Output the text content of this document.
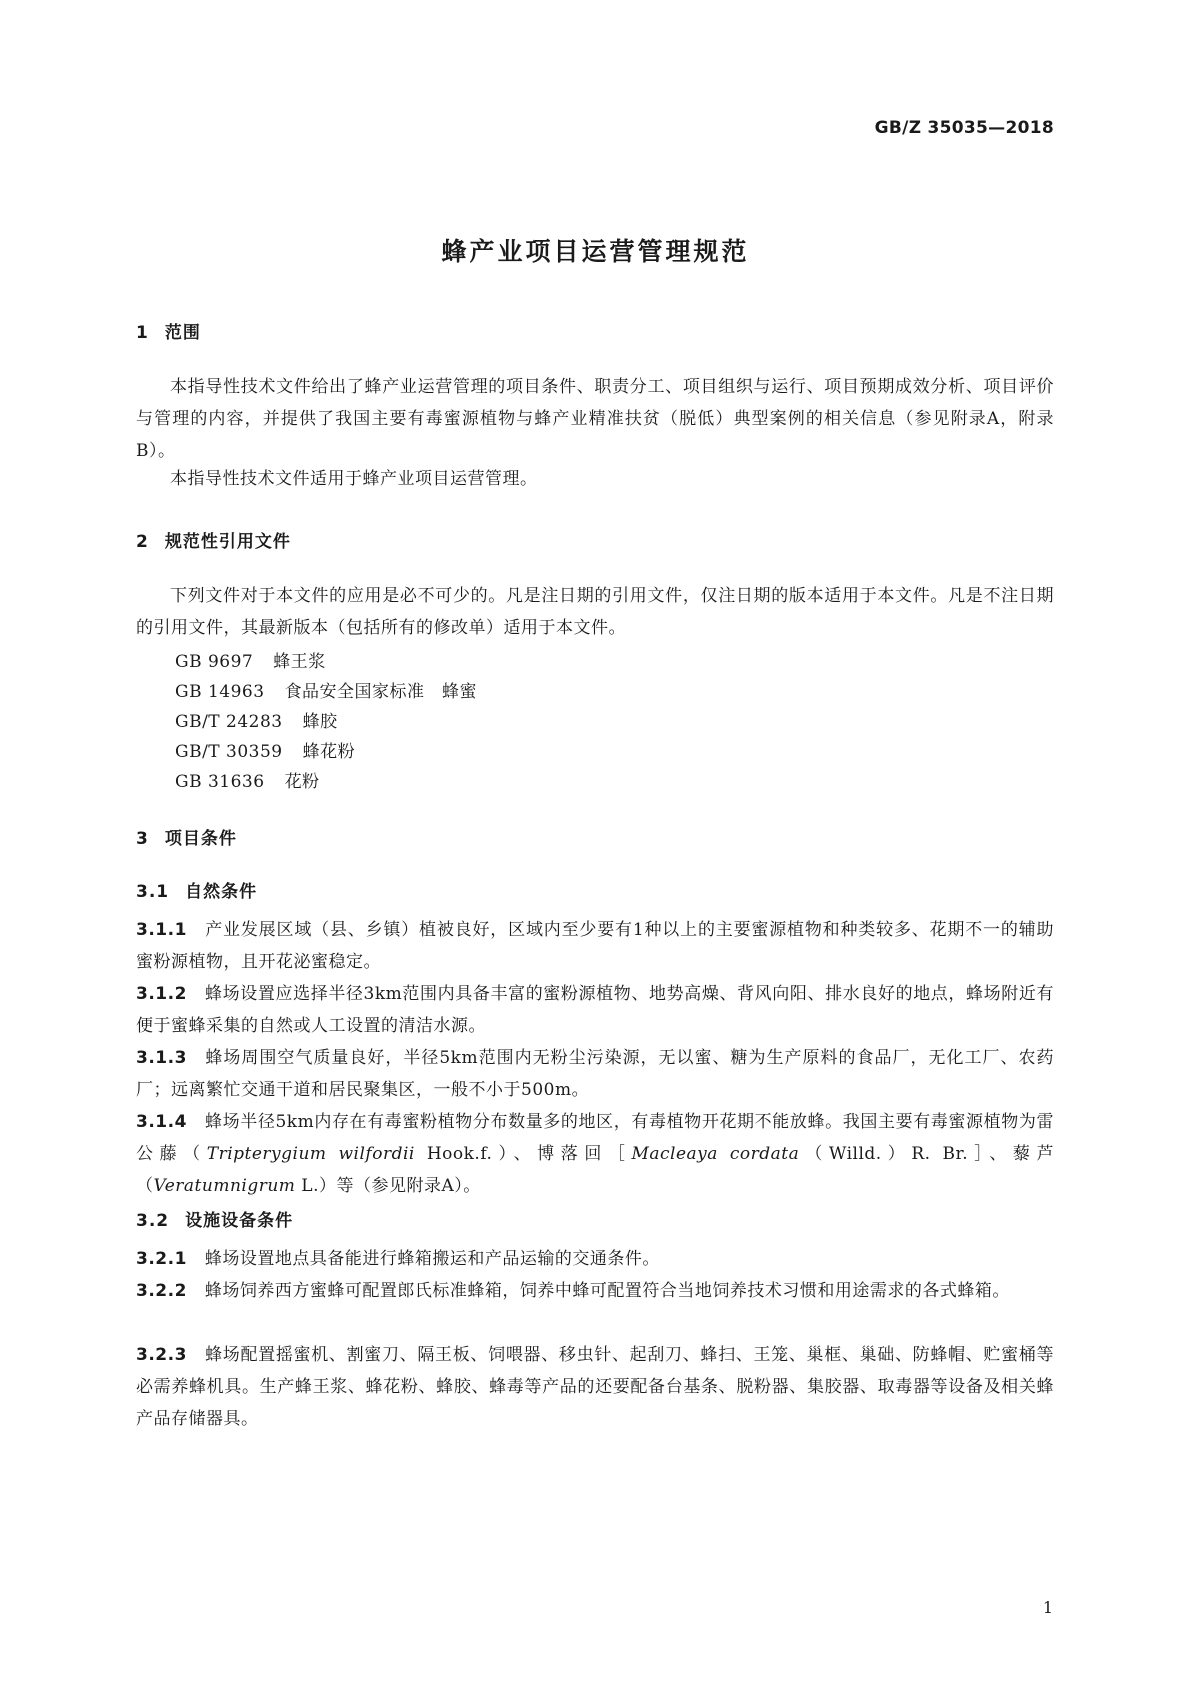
GB/Z 35035—2018
蜂产业项目运营管理规范
1 范围
本指导性技术文件给出了蜂产业运营管理的项目条件、职责分工、项目组织与运行、项目预期成效分析、项目评价与管理的内容，并提供了我国主要有毒蜜源植物与蜂产业精准扶贫（脱低）典型案例的相关信息（参见附录A，附录B）。
本指导性技术文件适用于蜂产业项目运营管理。
2 规范性引用文件
下列文件对于本文件的应用是必不可少的。凡是注日期的引用文件，仅注日期的版本适用于本文件。凡是不注日期的引用文件，其最新版本（包括所有的修改单）适用于本文件。
GB 9697 蜂王浆
GB 14963 食品安全国家标准　蜂蜜
GB/T 24283 蜂胶
GB/T 30359 蜂花粉
GB 31636 花粉
3 项目条件
3.1 自然条件
3.1.1 产业发展区域（县、乡镇）植被良好，区域内至少要有1种以上的主要蜜源植物和种类较多、花期不一的辅助蜜粉源植物，且开花泌蜜稳定。
3.1.2 蜂场设置应选择半径3km范围内具备丰富的蜜粉源植物、地势高燥、背风向阳、排水良好的地点，蜂场附近有便于蜜蜂采集的自然或人工设置的清洁水源。
3.1.3 蜂场周围空气质量良好，半径5km范围内无粉尘污染源，无以蜜、糖为生产原料的食品厂，无化工厂、农药厂；远离繁忙交通干道和居民聚集区，一般不小于500m。
3.1.4 蜂场半径5km内存在有毒蜜粉植物分布数量多的地区，有毒植物开花期不能放蜂。我国主要有毒蜜源植物为雷公藤（Tripterygium wilfordii Hook.f.）、博落回［Macleaya cordata（Willd.）R. Br.］、藜芦（Veratumnigrum L.）等（参见附录A）。
3.2 设施设备条件
3.2.1 蜂场设置地点具备能进行蜂箱搬运和产品运输的交通条件。
3.2.2 蜂场饲养西方蜜蜂可配置郎氏标准蜂箱，饲养中蜂可配置符合当地饲养技术习惯和用途需求的各式蜂箱。
3.2.3 蜂场配置摇蜜机、割蜜刀、隔王板、饲喂器、移虫针、起刮刀、蜂扫、王笼、巢框、巢础、防蜂帽、贮蜜桶等必需养蜂机具。生产蜂王浆、蜂花粉、蜂胶、蜂毒等产品的还要配备台基条、脱粉器、集胶器、取毒器等设备及相关蜂产品存储器具。
1
